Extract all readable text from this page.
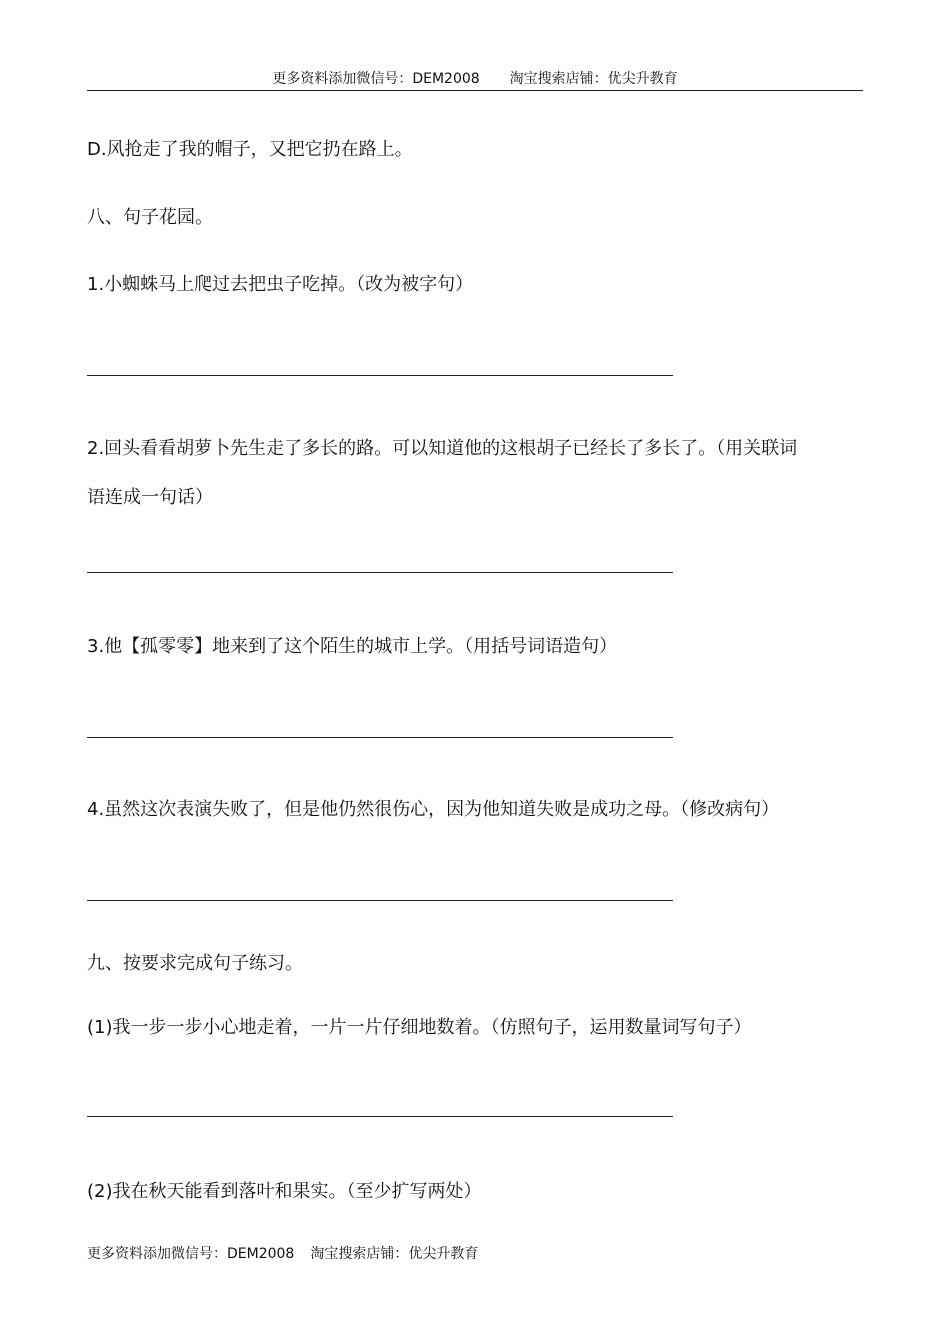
更多资料添加微信号：DEM2008 淘宝搜索店铺：优尖升教育
D.风抢走了我的帽子，又把它扔在路上。
八、句子花园。
1.小蜘蛛马上爬过去把虫子吃掉。（改为被字句）
2.回头看看胡萝卜先生走了多长的路。可以知道他的这根胡子已经长了多长了。（用关联词
语连成一句话）
3.他【孤零零】地来到了这个陌生的城市上学。（用括号词语造句）
4.虽然这次表演失败了，但是他仍然很伤心，因为他知道失败是成功之母。（修改病句）
九、按要求完成句子练习。
(1)我一步一步小心地走着，一片一片仔细地数着。（仿照句子，运用数量词写句子）
(2)我在秋天能看到落叶和果实。（至少扩写两处）
更多资料添加微信号：DEM2008 淘宝搜索店铺：优尖升教育
